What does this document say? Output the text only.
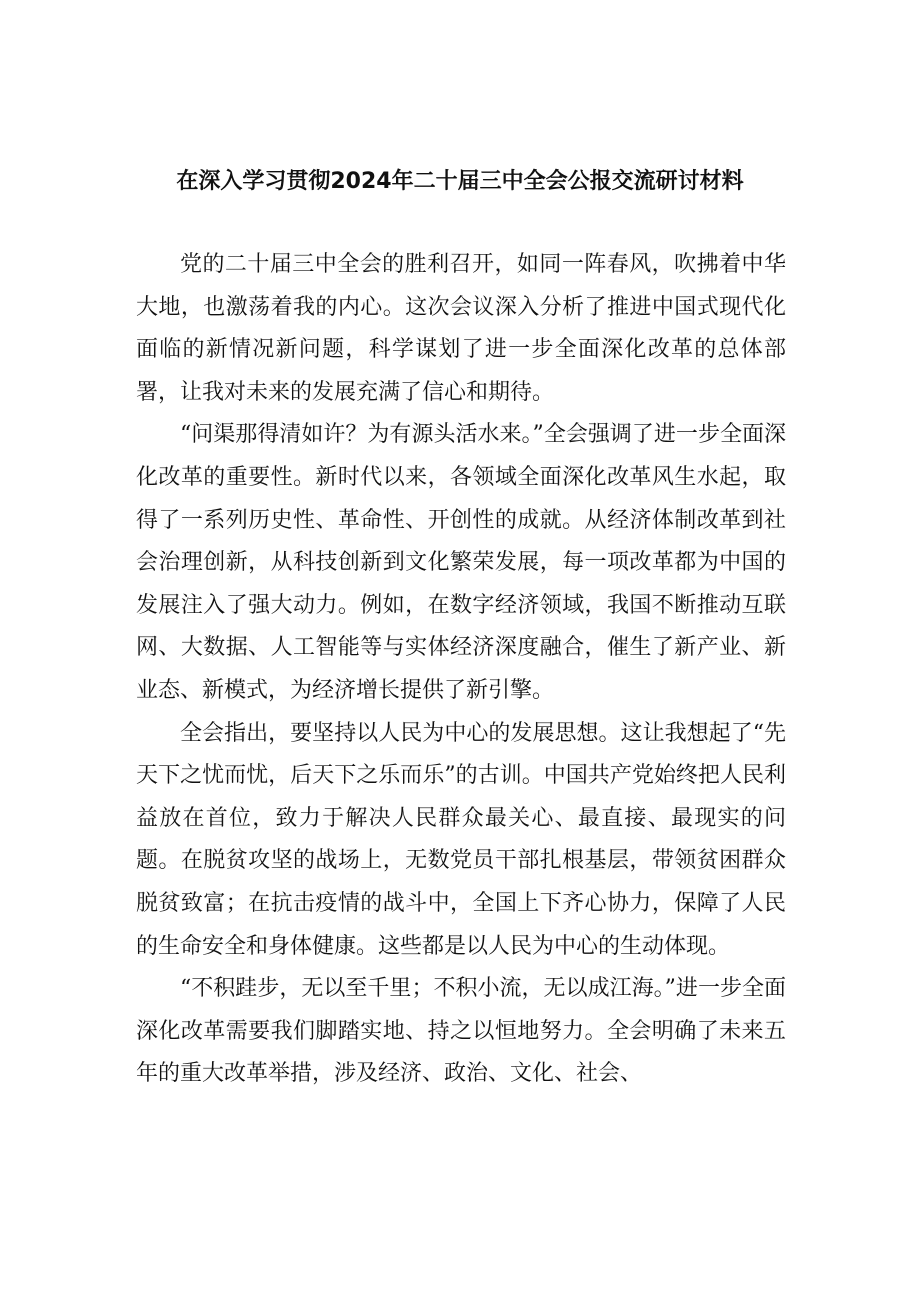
在深入学习贯彻2024年二十届三中全会公报交流研讨材料

党的二十届三中全会的胜利召开，如同一阵春风，吹拂着中华大地，也激荡着我的内心。这次会议深入分析了推进中国式现代化面临的新情况新问题，科学谋划了进一步全面深化改革的总体部署，让我对未来的发展充满了信心和期待。

“问渠那得清如许？为有源头活水来。”全会强调了进一步全面深化改革的重要性。新时代以来，各领域全面深化改革风生水起，取得了一系列历史性、革命性、开创性的成就。从经济体制改革到社会治理创新，从科技创新到文化繁荣发展，每一项改革都为中国的发展注入了强大动力。例如，在数字经济领域，我国不断推动互联网、大数据、人工智能等与实体经济深度融合，催生了新产业、新业态、新模式，为经济增长提供了新引擎。

全会指出，要坚持以人民为中心的发展思想。这让我想起了“先天下之忧而忧，后天下之乐而乐”的古训。中国共产党始终把人民利益放在首位，致力于解决人民群众最关心、最直接、最现实的问题。在脱贫攻坚的战场上，无数党员干部扎根基层，带领贫困群众脱贫致富；在抗击疫情的战斗中，全国上下齐心协力，保障了人民的生命安全和身体健康。这些都是以人民为中心的生动体现。

“不积跬步，无以至千里；不积小流，无以成江海。”进一步全面深化改革需要我们脚踏实地、持之以恒地努力。全会明确了未来五年的重大改革举措，涉及经济、政治、文化、社会、
